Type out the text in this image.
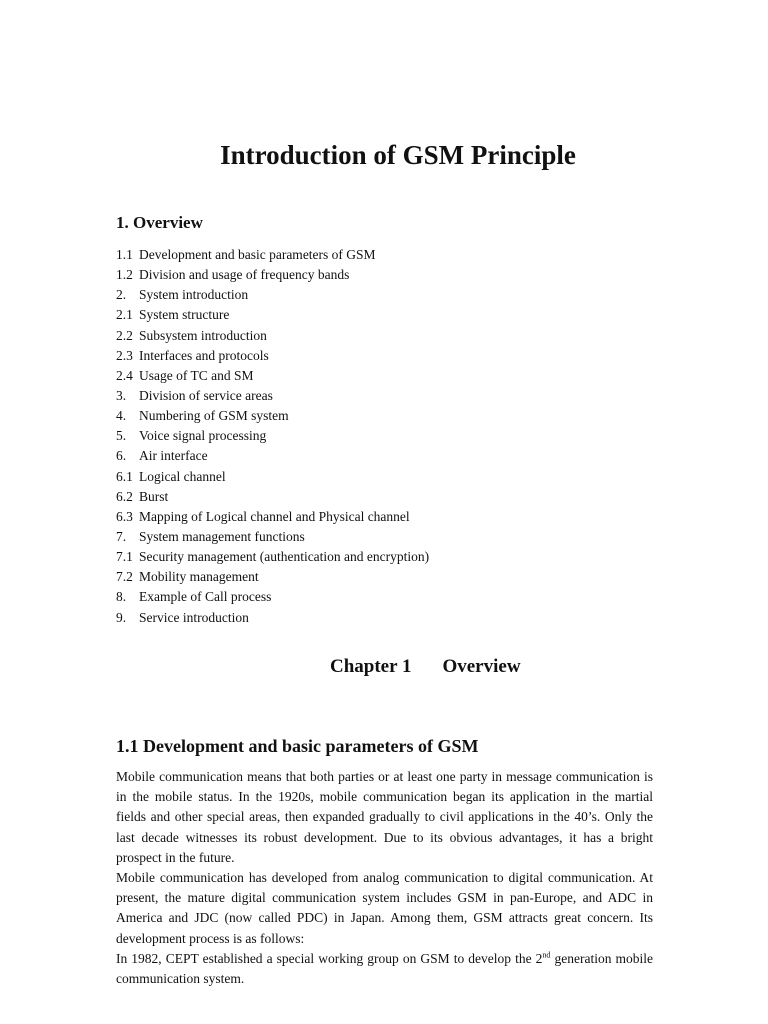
Introduction of GSM Principle
1. Overview
1.1 Development and basic parameters of GSM
1.2 Division and usage of frequency bands
2. System introduction
2.1 System structure
2.2 Subsystem introduction
2.3 Interfaces and protocols
2.4 Usage of TC and SM
3. Division of service areas
4. Numbering of GSM system
5. Voice signal processing
6. Air interface
6.1 Logical channel
6.2 Burst
6.3 Mapping of Logical channel and Physical channel
7. System management functions
7.1 Security management (authentication and encryption)
7.2 Mobility management
8. Example of Call process
9. Service introduction
Chapter 1 Overview
1.1 Development and basic parameters of GSM
Mobile communication means that both parties or at least one party in message communication is
in the mobile status. In the 1920s, mobile communication began its application in the martial
fields and other special areas, then expanded gradually to civil applications in the 40’s. Only the
last decade witnesses its robust development. Due to its obvious advantages, it has a bright
prospect in the future.
Mobile communication has developed from analog communication to digital communication. At
present, the mature digital communication system includes GSM in pan-Europe, and ADC in
America and JDC (now called PDC) in Japan. Among them, GSM attracts great concern. Its
development process is as follows:
In 1982, CEPT established a special working group on GSM to develop the 2nd generation mobile
communication system.
